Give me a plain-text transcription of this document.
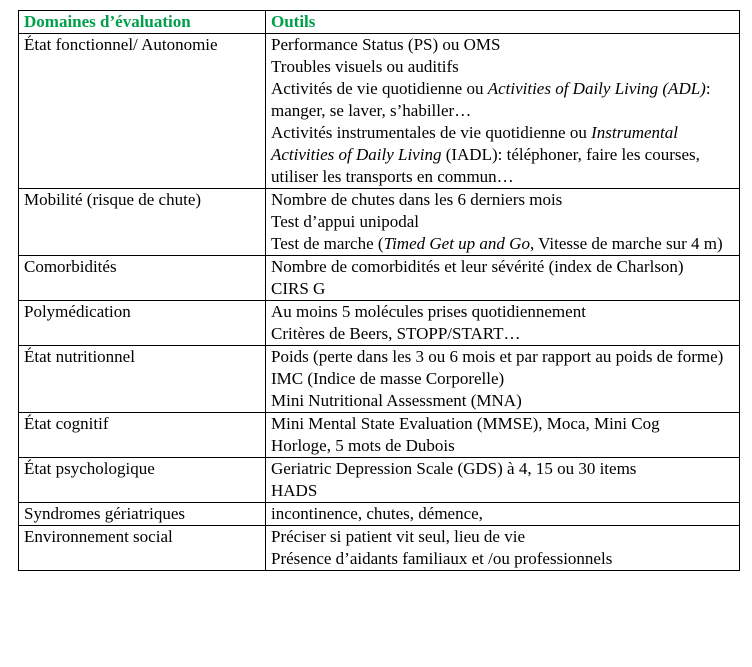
Domaines d’évaluation	Outils
État fonctionnel/ Autonomie	Performance Status (PS) ou OMS
Troubles visuels ou auditifs
Activités de vie quotidienne ou Activities of Daily Living (ADL): manger, se laver, s’habiller…
Activités instrumentales de vie quotidienne ou Instrumental Activities of Daily Living (IADL): téléphoner, faire les courses, utiliser les transports en commun…

Mobilité (risque de chute)	Nombre de chutes dans les 6 derniers mois
Test d’appui unipodal
Test de marche (Timed Get up and Go, Vitesse de marche sur 4 m)

Comorbidités	Nombre de comorbidités et leur sévérité (index de Charlson)
CIRS G

Polymédication	Au moins 5 molécules prises quotidiennement
Critères de Beers, STOPP/START…

État nutritionnel	Poids (perte dans les 3 ou 6 mois et par rapport au poids de forme)
IMC (Indice de masse Corporelle)
Mini Nutritional Assessment (MNA)

État cognitif	Mini Mental State Evaluation (MMSE), Moca, Mini Cog
Horloge, 5 mots de Dubois

État psychologique	Geriatric Depression Scale (GDS) à 4, 15 ou 30 items
HADS

Syndromes gériatriques	incontinence, chutes, démence,

Environnement social	Préciser si patient vit seul, lieu de vie
Présence d’aidants familiaux et /ou professionnels
